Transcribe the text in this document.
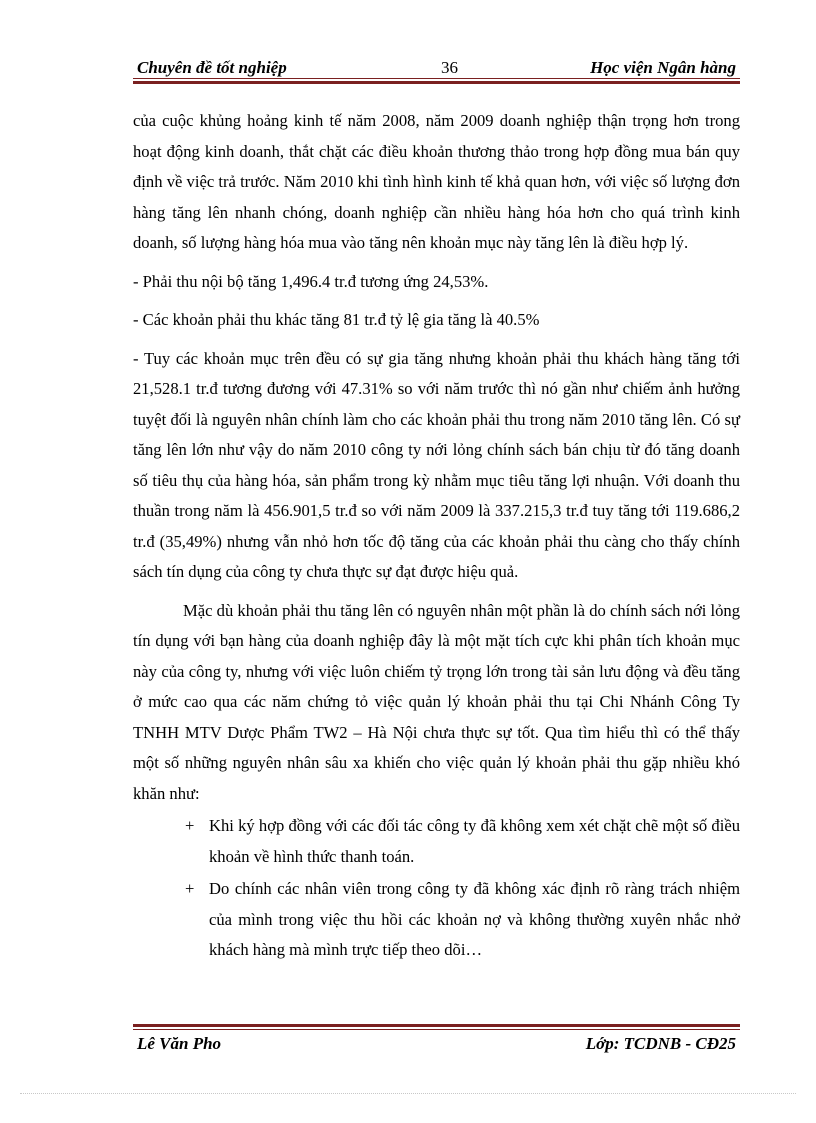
Chuyên đề tốt nghiệp	36	Học viện Ngân hàng

của cuộc khủng hoảng kinh tế năm 2008, năm 2009 doanh nghiệp thận trọng hơn trong hoạt động kinh doanh, thắt chặt các điều khoản thương thảo trong hợp đồng mua bán quy định về việc trả trước. Năm 2010 khi tình hình kinh tế khả quan hơn, với việc số lượng đơn hàng tăng lên nhanh chóng, doanh nghiệp cần nhiều hàng hóa hơn cho quá trình kinh doanh, số lượng hàng hóa mua vào tăng nên khoản mục này tăng lên là điều hợp lý.

- Phải thu nội bộ tăng 1,496.4 tr.đ tương ứng 24,53%.

- Các khoản phải thu khác tăng 81 tr.đ tỷ lệ gia tăng là 40.5%

- Tuy các khoản mục trên đều có sự gia tăng nhưng khoản phải thu khách hàng tăng tới 21,528.1 tr.đ tương đương với 47.31% so với năm trước thì nó gần như chiếm ảnh hưởng tuyệt đối là nguyên nhân chính làm cho các khoản phải thu trong năm 2010 tăng lên. Có sự tăng lên lớn như vậy do năm 2010 công ty nới lỏng chính sách bán chịu từ đó tăng doanh số tiêu thụ của hàng hóa, sản phẩm trong kỳ nhằm mục tiêu tăng lợi nhuận. Với doanh thu thuần trong năm là 456.901,5 tr.đ so với năm 2009 là 337.215,3 tr.đ tuy tăng tới 119.686,2 tr.đ (35,49%) nhưng vẫn nhỏ hơn tốc độ tăng của các khoản phải thu càng cho thấy chính sách tín dụng của công ty chưa thực sự đạt được hiệu quả.

Mặc dù khoản phải thu tăng lên có nguyên nhân một phần là do chính sách nới lỏng tín dụng với bạn hàng của doanh nghiệp đây là một mặt tích cực khi phân tích khoản mục này của công ty, nhưng với việc luôn chiếm tỷ trọng lớn trong tài sản lưu động và đều tăng ở mức cao qua các năm chứng tỏ việc quản lý khoản phải thu tại Chi Nhánh Công Ty TNHH MTV Dược Phẩm TW2 – Hà Nội chưa thực sự tốt. Qua tìm hiểu thì có thể thấy một số những nguyên nhân sâu xa khiến cho việc quản lý khoản phải thu gặp nhiều khó khăn như:

+ Khi ký hợp đồng với các đối tác công ty đã không xem xét chặt chẽ một số điều khoản về hình thức thanh toán.
+ Do chính các nhân viên trong công ty đã không xác định rõ ràng trách nhiệm của mình trong việc thu hồi các khoản nợ và không thường xuyên nhắc nhở khách hàng mà mình trực tiếp theo dõi…
Lê Văn Pho	Lớp: TCDNB - CĐ25
